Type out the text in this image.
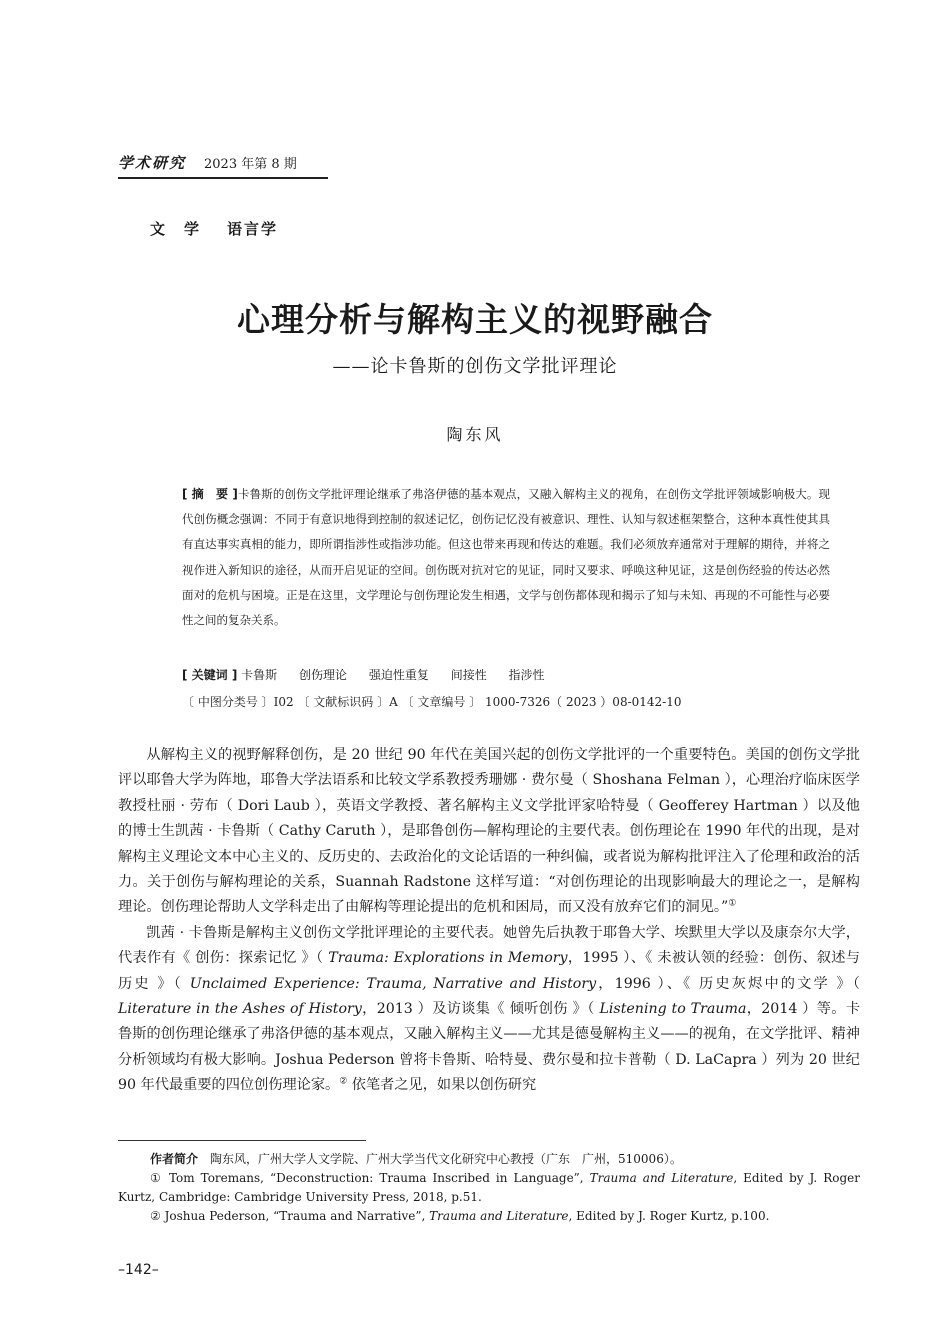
学术研究 2023 年第 8 期
文　学 语言学
心理分析与解构主义的视野融合
——论卡鲁斯的创伤文学批评理论
陶东风
[ 摘　要 ]卡鲁斯的创伤文学批评理论继承了弗洛伊德的基本观点，又融入解构主义的视角，在创伤文学批评领域影响极大。现代创伤概念强调：不同于有意识地得到控制的叙述记忆，创伤记忆没有被意识、理性、认知与叙述框架整合，这种本真性使其具有直达事实真相的能力，即所谓指涉性或指涉功能。但这也带来再现和传达的难题。我们必须放弃通常对于理解的期待，并将之视作进入新知识的途径，从而开启见证的空间。创伤既对抗对它的见证，同时又要求、呼唤这种见证，这是创伤经验的传达必然面对的危机与困境。正是在这里，文学理论与创伤理论发生相遇，文学与创伤都体现和揭示了知与未知、再现的不可能性与必要性之间的复杂关系。
[ 关键词 ] 卡鲁斯 创伤理论 强迫性重复 间接性 指涉性
〔 中图分类号 〕I02 〔 文献标识码 〕A 〔 文章编号 〕 1000-7326（ 2023 ）08-0142-10

从解构主义的视野解释创伤，是 20 世纪 90 年代在美国兴起的创伤文学批评的一个重要特色。美国的创伤文学批评以耶鲁大学为阵地，耶鲁大学法语系和比较文学系教授秀珊娜 · 费尔曼（ Shoshana Felman ），心理治疗临床医学教授杜丽 · 劳布（ Dori Laub ），英语文学教授、著名解构主义文学批评家哈特曼（ Geofferey Hartman ）以及他的博士生凯茜 · 卡鲁斯（ Cathy Caruth ），是耶鲁创伤—解构理论的主要代表。创伤理论在 1990 年代的出现，是对解构主义理论文本中心主义的、反历史的、去政治化的文论话语的一种纠偏，或者说为解构批评注入了伦理和政治的活力。关于创伤与解构理论的关系，Suannah Radstone 这样写道：“对创伤理论的出现影响最大的理论之一，是解构理论。创伤理论帮助人文学科走出了由解构等理论提出的危机和困局，而又没有放弃它们的洞见。”①

凯茜 · 卡鲁斯是解构主义创伤文学批评理论的主要代表。她曾先后执教于耶鲁大学、埃默里大学以及康奈尔大学，代表作有《 创伤：探索记忆 》（ Trauma: Explorations in Memory，1995 ）、《 未被认领的经验：创伤、叙述与历史 》（ Unclaimed Experience: Trauma, Narrative and History，1996 ）、《 历史灰烬中的文学 》（ Literature in the Ashes of History，2013 ）及访谈集《 倾听创伤 》（ Listening to Trauma，2014 ）等。卡鲁斯的创伤理论继承了弗洛伊德的基本观点，又融入解构主义——尤其是德曼解构主义——的视角，在文学批评、精神分析领域均有极大影响。Joshua Pederson 曾将卡鲁斯、哈特曼、费尔曼和拉卡普勒（ D. LaCapra ）列为 20 世纪 90 年代最重要的四位创伤理论家。② 依笔者之见，如果以创伤研究

作者简介　陶东风，广州大学人文学院、广州大学当代文化研究中心教授（广东　广州，510006）。

① Tom Toremans, “Deconstruction: Trauma Inscribed in Language”, Trauma and Literature, Edited by J. Roger Kurtz, Cambridge: Cambridge University Press, 2018, p.51.

② Joshua Pederson, “Trauma and Narrative”, Trauma and Literature, Edited by J. Roger Kurtz, p.100.

–142–
